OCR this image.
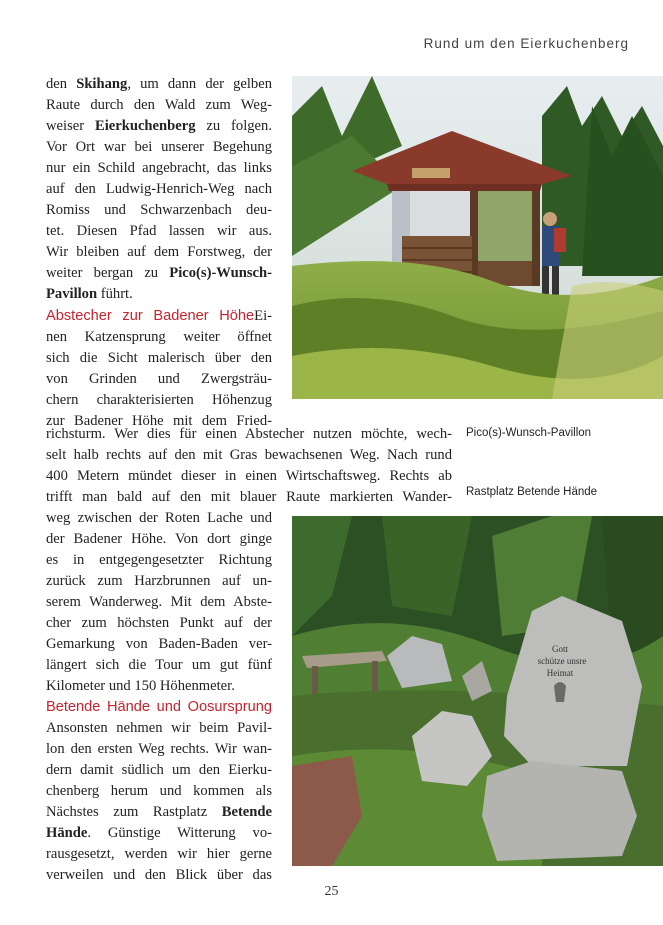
Rund um den Eierkuchenberg
Pico(s)-Wunsch-Pavillon
Rastplatz Betende Hände
Gott
schütze unsre
Heimat
den Skihang, um dann der gelben
Raute durch den Wald zum Weg-
weiser Eierkuchenberg zu folgen.
Vor Ort war bei unserer Begehung
nur ein Schild angebracht, das links
auf den Ludwig-Henrich-Weg nach
Romiss und Schwarzenbach deu-
tet. Diesen Pfad lassen wir aus.
Wir bleiben auf dem Forstweg, der
weiter bergan zu Pico(s)-Wunsch-
Pavillon führt.
Abstecher zur Badener HöheEi-
nen Katzensprung weiter öffnet
sich die Sicht malerisch über den
von Grinden und Zwergsträu-
chern charakterisierten Höhenzug
zur Badener Höhe mit dem Fried-
richsturm. Wer dies für einen Abstecher nutzen möchte, wech-
selt halb rechts auf den mit Gras bewachsenen Weg. Nach rund
400 Metern mündet dieser in einen Wirtschaftsweg. Rechts ab
trifft man bald auf den mit blauer Raute markierten Wander-
weg zwischen der Roten Lache und
der Badener Höhe. Von dort ginge
es in entgegengesetzter Richtung
zurück zum Harzbrunnen auf un-
serem Wanderweg. Mit dem Abste-
cher zum höchsten Punkt auf der
Gemarkung von Baden-Baden ver-
längert sich die Tour um gut fünf
Kilometer und 150 Höhenmeter.
Betende Hände und Oosursprung
Ansonsten nehmen wir beim Pavil-
lon den ersten Weg rechts. Wir wan-
dern damit südlich um den Eierku-
chenberg herum und kommen als
Nächstes zum Rastplatz Betende
Hände. Günstige Witterung vo-
rausgesetzt, werden wir hier gerne
verweilen und den Blick über das
25
